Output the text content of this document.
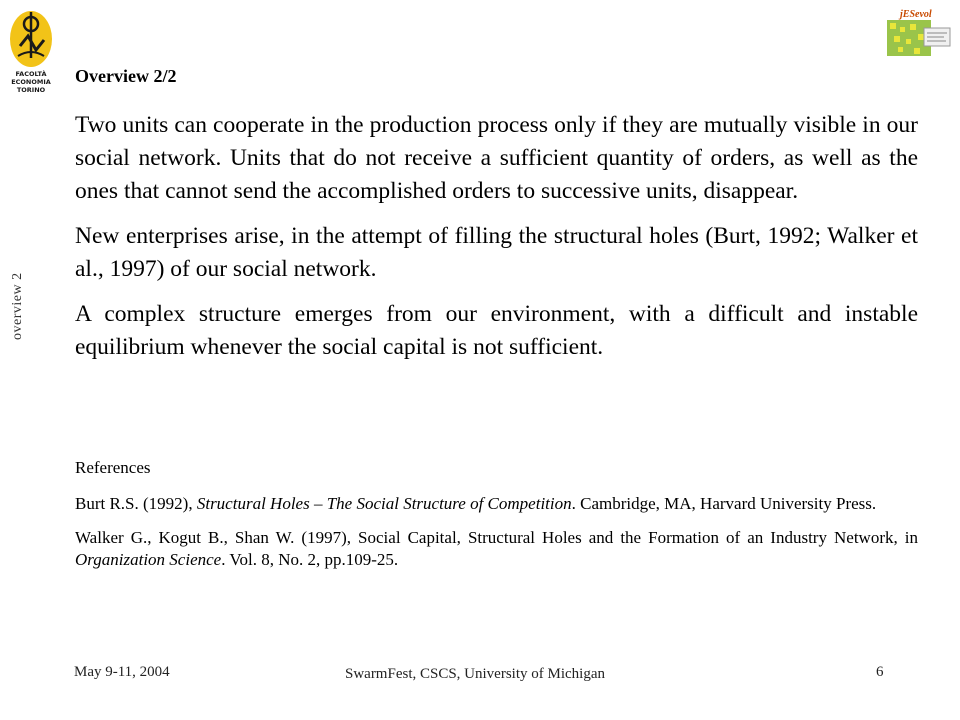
FACOLTÀ
ECONOMIA
TORINO
jESevol
overview 2
Overview 2/2

Two units can cooperate in the production process only if they are mutually visible in our social network. Units that do not receive a sufficient quantity of orders, as well as the ones that cannot send the accomplished orders to successive units, disappear.

New enterprises arise, in the attempt of filling the structural holes (Burt, 1992; Walker et al., 1997) of our social network.

A complex structure emerges from our environment, with a difficult and instable equilibrium whenever the social capital is not sufficient.

References

Burt R.S. (1992), Structural Holes – The Social Structure of Competition. Cambridge, MA, Harvard University Press.

Walker G., Kogut B., Shan W. (1997), Social Capital, Structural Holes and the Formation of an Industry Network, in Organization Science. Vol. 8, No. 2, pp.109-25.

May 9-11, 2004	SwarmFest, CSCS, University of Michigan	6
